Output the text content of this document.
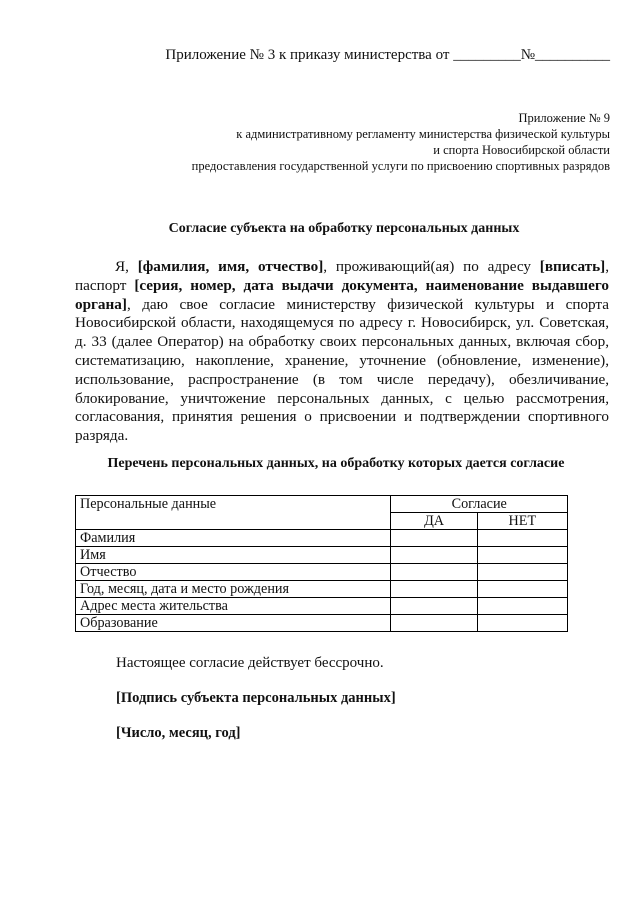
Приложение № 3 к приказу министерства от _________№__________
Приложение № 9
к административному регламенту министерства физической культуры
и спорта Новосибирской области
предоставления государственной услуги по присвоению спортивных разрядов
Согласие субъекта на обработку персональных данных
Я, [фамилия, имя, отчество], проживающий(ая) по адресу [вписать], паспорт [серия, номер, дата выдачи документа, наименование выдавшего органа], даю свое согласие министерству физической культуры и спорта Новосибирской области, находящемуся по адресу г. Новосибирск, ул. Советская, д. 33 (далее Оператор) на обработку своих персональных данных, включая сбор, систематизацию, накопление, хранение, уточнение (обновление, изменение), использование, распространение (в том числе передачу), обезличивание, блокирование, уничтожение персональных данных, с целью рассмотрения, согласования, принятия решения о присвоении и подтверждении спортивного разряда.
Перечень персональных данных, на обработку которых дается согласие
Персональные данные	Согласие	
	ДА	НЕТ
Фамилия		
Имя		
Отчество		
Год, месяц, дата и место рождения		
Адрес места жительства		
Образование		
Настоящее согласие действует бессрочно.
[Подпись субъекта персональных данных]
[Число, месяц, год]
